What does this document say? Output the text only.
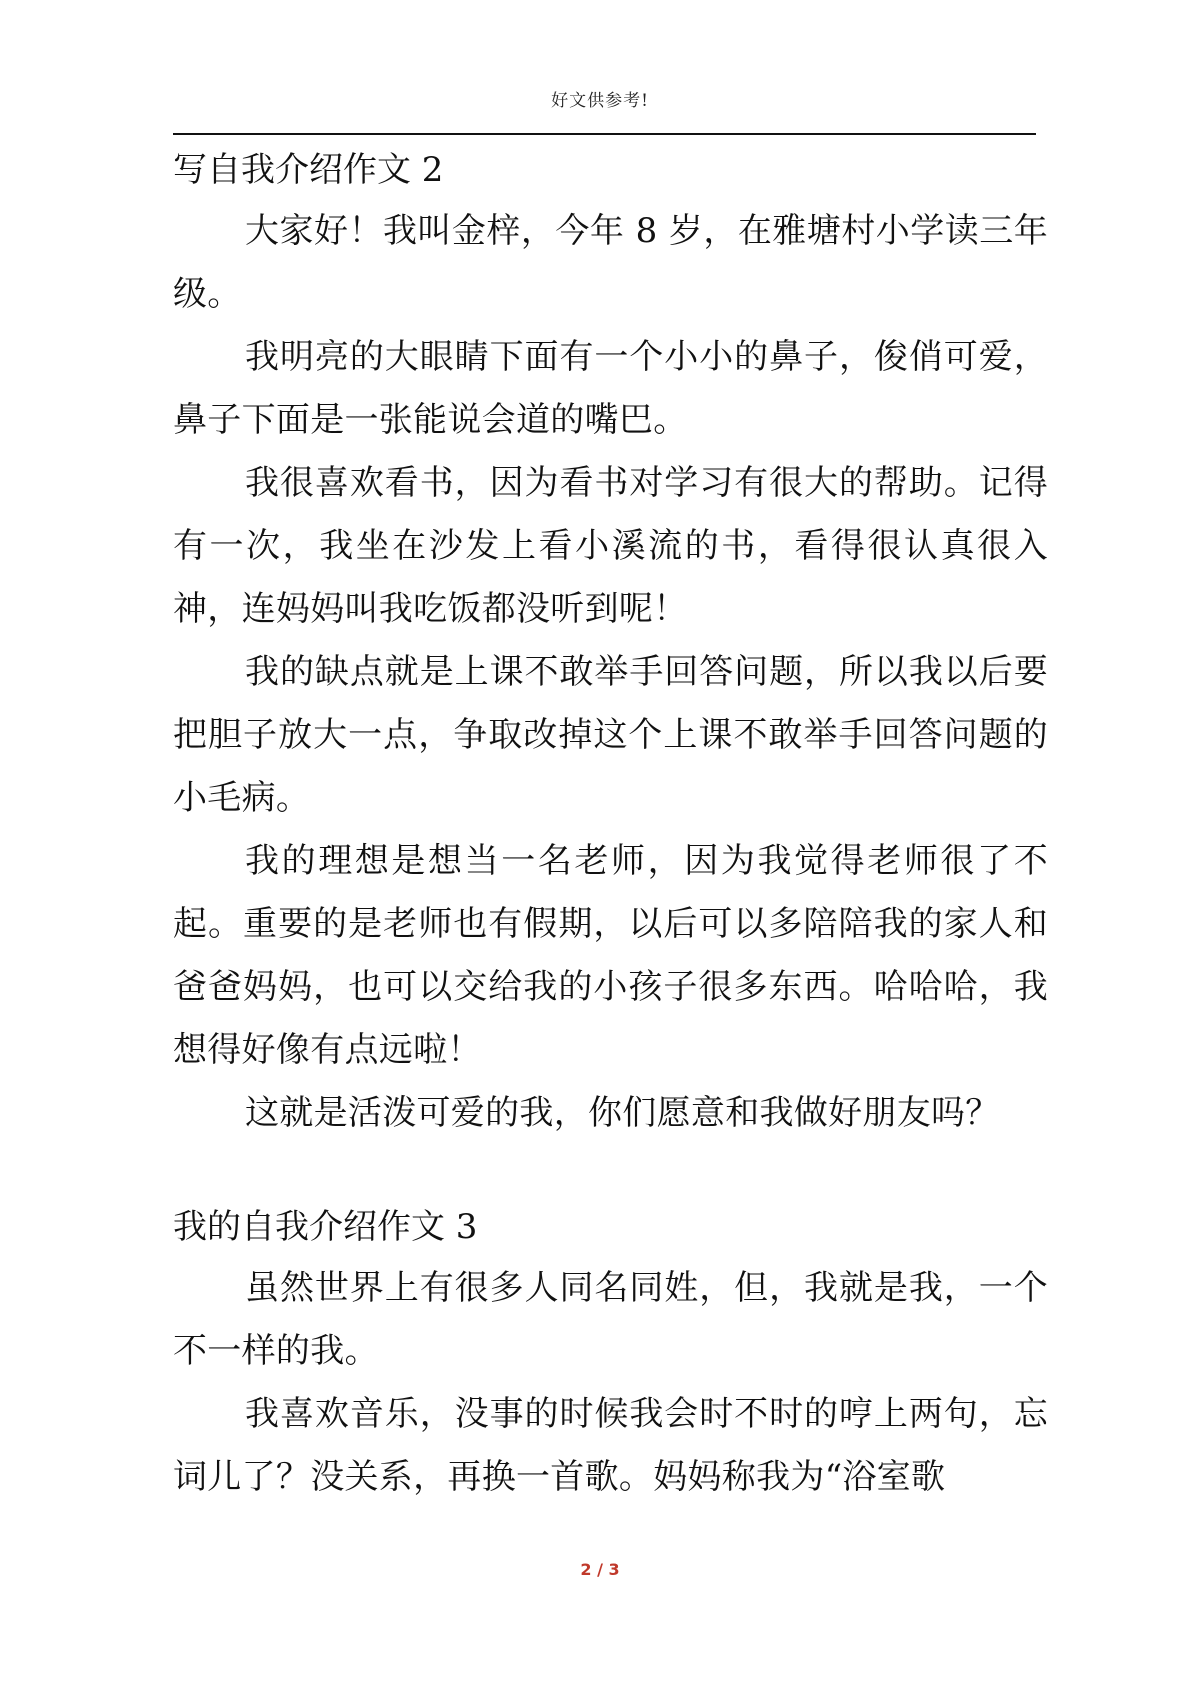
好文供参考!
写自我介绍作文 2

大家好！我叫金梓，今年 8 岁，在雅塘村小学读三年级。

我明亮的大眼睛下面有一个小小的鼻子，俊俏可爱，鼻子下面是一张能说会道的嘴巴。

我很喜欢看书，因为看书对学习有很大的帮助。记得有一次，我坐在沙发上看小溪流的书，看得很认真很入神，连妈妈叫我吃饭都没听到呢！

我的缺点就是上课不敢举手回答问题，所以我以后要把胆子放大一点，争取改掉这个上课不敢举手回答问题的小毛病。

我的理想是想当一名老师，因为我觉得老师很了不起。重要的是老师也有假期，以后可以多陪陪我的家人和爸爸妈妈，也可以交给我的小孩子很多东西。哈哈哈，我想得好像有点远啦！

这就是活泼可爱的我，你们愿意和我做好朋友吗？

我的自我介绍作文 3

虽然世界上有很多人同名同姓，但，我就是我，一个不一样的我。

我喜欢音乐，没事的时候我会时不时的哼上两句，忘词儿了？没关系，再换一首歌。妈妈称我为“浴室歌

2 / 3
